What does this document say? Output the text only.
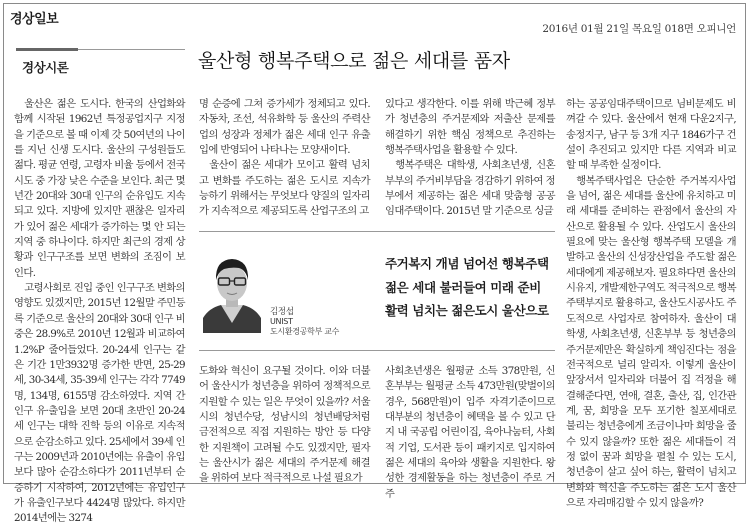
경상일보
2016년 01월 21일 목요일 018면 오피니언
경상시론	울산형 행복주택으로 젊은 세대를 품자

울산은 젊은 도시다. 한국의 산업화와 함께 시작된 1962년 특정공업지구 지정을 기준으로 볼 때 이제 갓 50여년의 나이를 지닌 신생 도시다. 울산의 구성원들도 젊다. 평균 연령, 고령자 비율 등에서 전국 시도 중 가장 낮은 수준을 보인다. 최근 몇 년간 20대와 30대 인구의 순유입도 지속되고 있다. 지방에 있지만 괜찮은 일자리가 있어 젊은 세대가 증가하는 몇 안 되는 지역 중 하나이다. 하지만 최근의 경제 상황과 인구구조를 보면 변화의 조짐이 보인다.

고령사회로 진입 중인 인구구조 변화의 영향도 있겠지만, 2015년 12월말 주민등록 기준으로 울산의 20대와 30대 인구 비중은 28.9%로 2010년 12월과 비교하여 1.2%P 줄어들었다. 20-24세 인구는 같은 기간 1만3932명 증가한 반면, 25-29세, 30-34세, 35-39세 인구는 각각 7749명, 134명, 6155명 감소하였다. 지역 간 인구 유·출입을 보면 20대 초반인 20-24세 인구는 대학 진학 등의 이유로 지속적으로 순감소하고 있다. 25세에서 39세 인구는 2009년과 2010년에는 유출이 유입보다 많아 순감소하다가 2011년부터 순증하기 시작하여, 2012년에는 유입인구가 유출인구보다 4424명 많았다. 하지만 2014년에는 3274

명 순증에 그쳐 증가세가 정체되고 있다. 자동차, 조선, 석유화학 등 울산의 주력산업의 성장과 정체가 젊은 세대 인구 유출입에 반영되어 나타나는 모양새이다.

울산이 젊은 세대가 모이고 활력 넘치고 변화를 주도하는 젊은 도시로 지속가능하기 위해서는 무엇보다 양질의 일자리가 지속적으로 제공되도록 산업구조의 고

있다고 생각한다. 이를 위해 박근혜 정부가 청년층의 주거문제와 저출산 문제를 해결하기 위한 핵심 정책으로 추진하는 행복주택사업을 활용할 수 있다.

행복주택은 대학생, 사회초년생, 신혼부부의 주거비부담을 경감하기 위하여 정부에서 제공하는 젊은 세대 맞춤형 공공임대주택이다. 2015년 말 기준으로 싱글

하는 공공임대주택이므로 님비문제도 비껴갈 수 있다. 울산에서 현재 다운2지구, 송정지구, 남구 등 3개 지구 1846가구 건설이 추진되고 있지만 다른 지역과 비교할 때 부족한 실정이다.

행복주택사업은 단순한 주거복지사업을 넘어, 젊은 세대를 울산에 유치하고 미래 세대를 준비하는 관점에서 울산의 자산으로 활용될 수 있다. 산업도시 울산의 필요에 맞는 울산형 행복주택 모델을 개발하고 울산의 신성장산업을 주도할 젊은 세대에게 제공해보자. 필요하다면 울산의 시유지, 개발제한구역도 적극적으로 행복주택부지로 활용하고, 울산도시공사도 주도적으로 사업자로 참여하자. 울산이 대학생, 사회초년생, 신혼부부 등 청년층의 주거문제만은 확실하게 책임진다는 점을 전국적으로 널리 알리자. 이렇게 울산이 앞장서서 일자리와 더불어 집 걱정을 해결해준다면, 연애, 결혼, 출산, 집, 인간관계, 꿈, 희망을 모두 포기한 칠포세대로 불리는 청년층에게 조금이나마 희망을 줄 수 있지 않을까? 또한 젊은 세대들이 걱정 없이 꿈과 희망을 펼칠 수 있는 도시, 청년층이 살고 싶어 하는, 활력이 넘치고 변화와 혁신을 주도하는 젊은 도시 울산으로 자리매김할 수 있지 않을까?

김정섭
UNIST
도시환경공학부 교수
주거복지 개념 넘어선 행복주택
젊은 세대 불러들여 미래 준비
활력 넘치는 젊은도시 울산으로

도화와 혁신이 요구될 것이다. 이와 더불어 울산시가 청년층을 위하여 정책적으로 지원할 수 있는 일은 무엇이 있을까? 서울시의 청년수당, 성남시의 청년배당처럼 금전적으로 직접 지원하는 방안 등 다양한 지원책이 고려될 수도 있겠지만, 필자는 울산시가 젊은 세대의 주거문제 해결을 위하여 보다 적극적으로 나설 필요가

사회초년생은 월평균 소득 378만원, 신혼부부는 월평균 소득 473만원(맞벌이의 경우, 568만원)이 입주 자격기준이므로 대부분의 청년층이 혜택을 볼 수 있고 단지 내 국공립 어린이집, 육아나눔터, 사회적 기업, 도서관 등이 패키지로 입지하여 젊은 세대의 육아와 생활을 지원한다. 왕성한 경제활동을 하는 청년층이 주로 거주
